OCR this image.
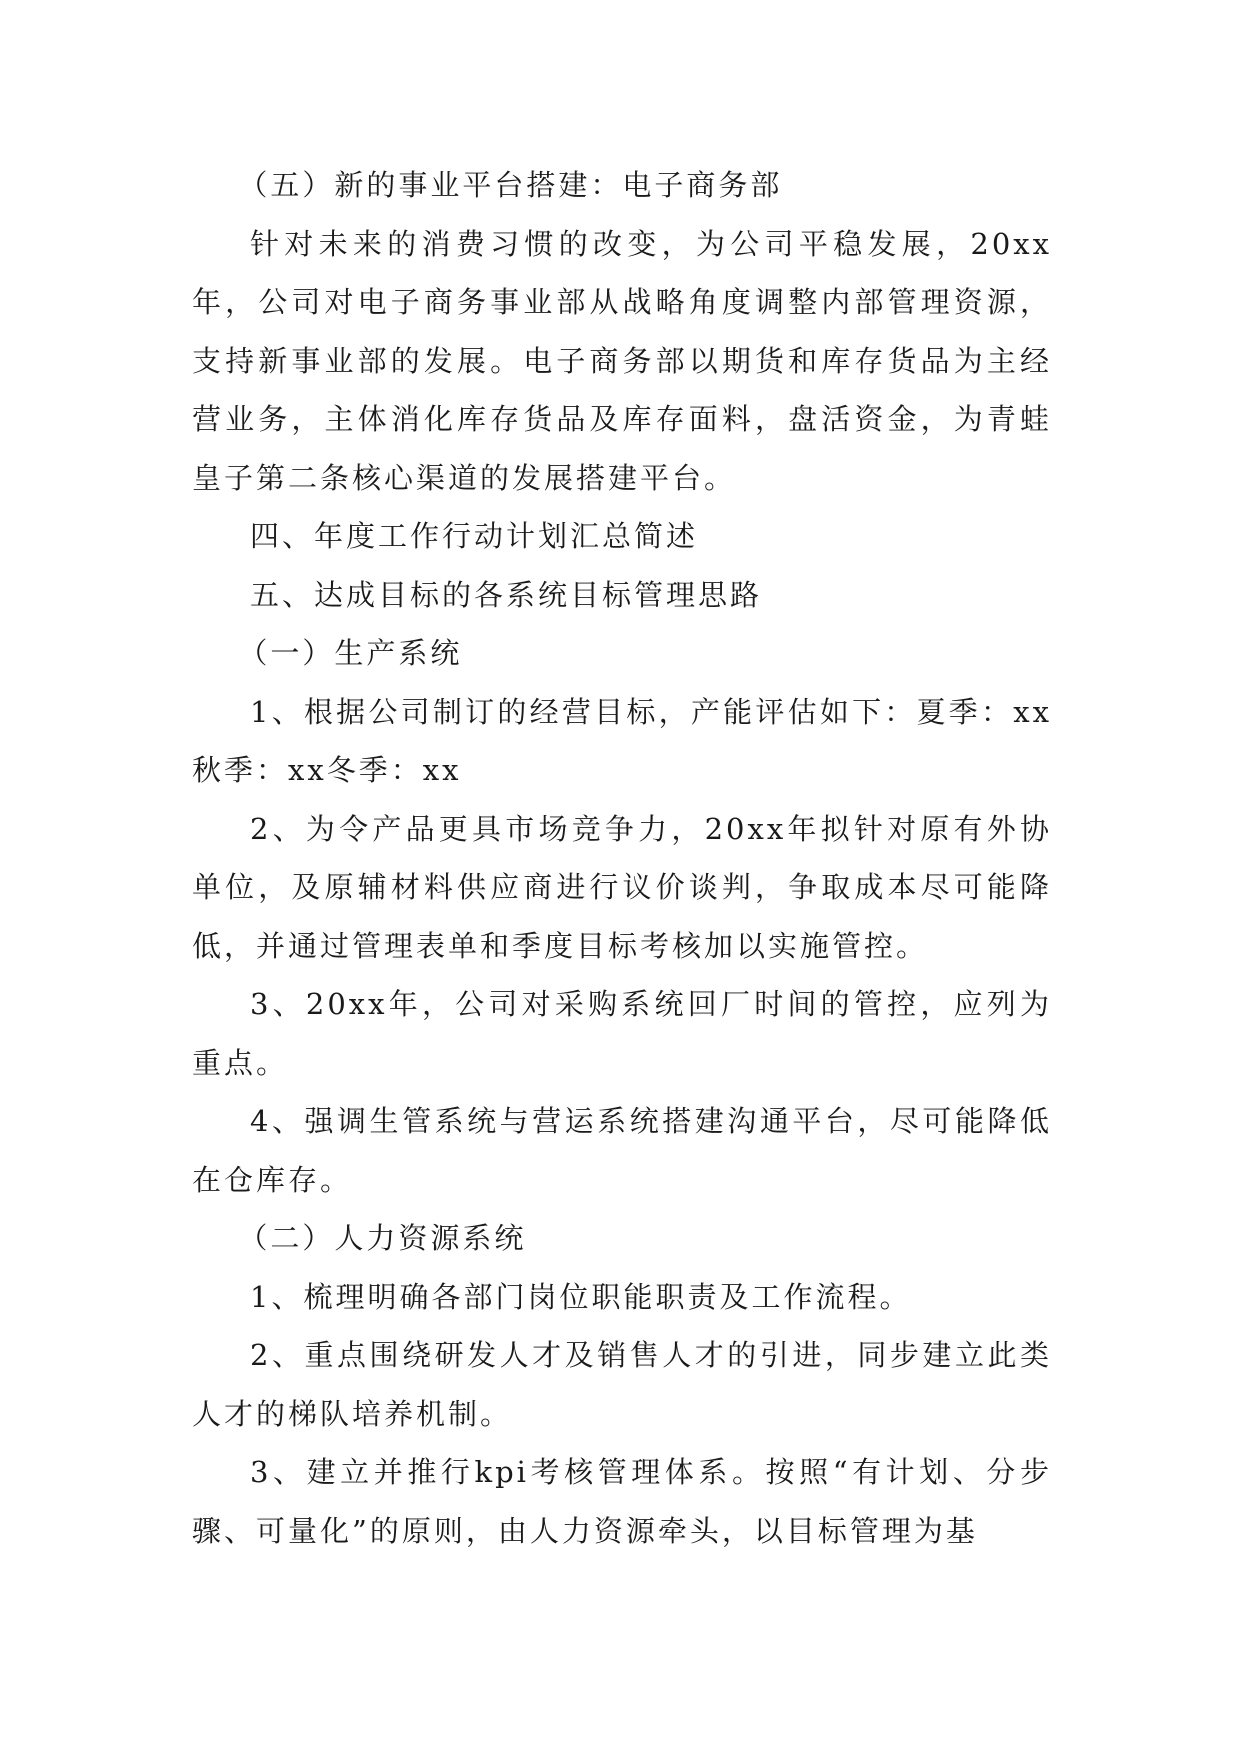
（五）新的事业平台搭建：电子商务部

针对未来的消费习惯的改变，为公司平稳发展，20xx年，公司对电子商务事业部从战略角度调整内部管理资源，支持新事业部的发展。电子商务部以期货和库存货品为主经营业务，主体消化库存货品及库存面料，盘活资金，为青蛙皇子第二条核心渠道的发展搭建平台。

四、年度工作行动计划汇总简述

五、达成目标的各系统目标管理思路

（一）生产系统

1、根据公司制订的经营目标，产能评估如下：夏季：xx 秋季：xx冬季：xx

2、为令产品更具市场竞争力，20xx年拟针对原有外协单位，及原辅材料供应商进行议价谈判，争取成本尽可能降低，并通过管理表单和季度目标考核加以实施管控。

3、20xx年，公司对采购系统回厂时间的管控，应列为重点。

4、强调生管系统与营运系统搭建沟通平台，尽可能降低在仓库存。

（二）人力资源系统

1、梳理明确各部门岗位职能职责及工作流程。

2、重点围绕研发人才及销售人才的引进，同步建立此类人才的梯队培养机制。

3、建立并推行kpi考核管理体系。按照“有计划、分步骤、可量化”的原则，由人力资源牵头，以目标管理为基
